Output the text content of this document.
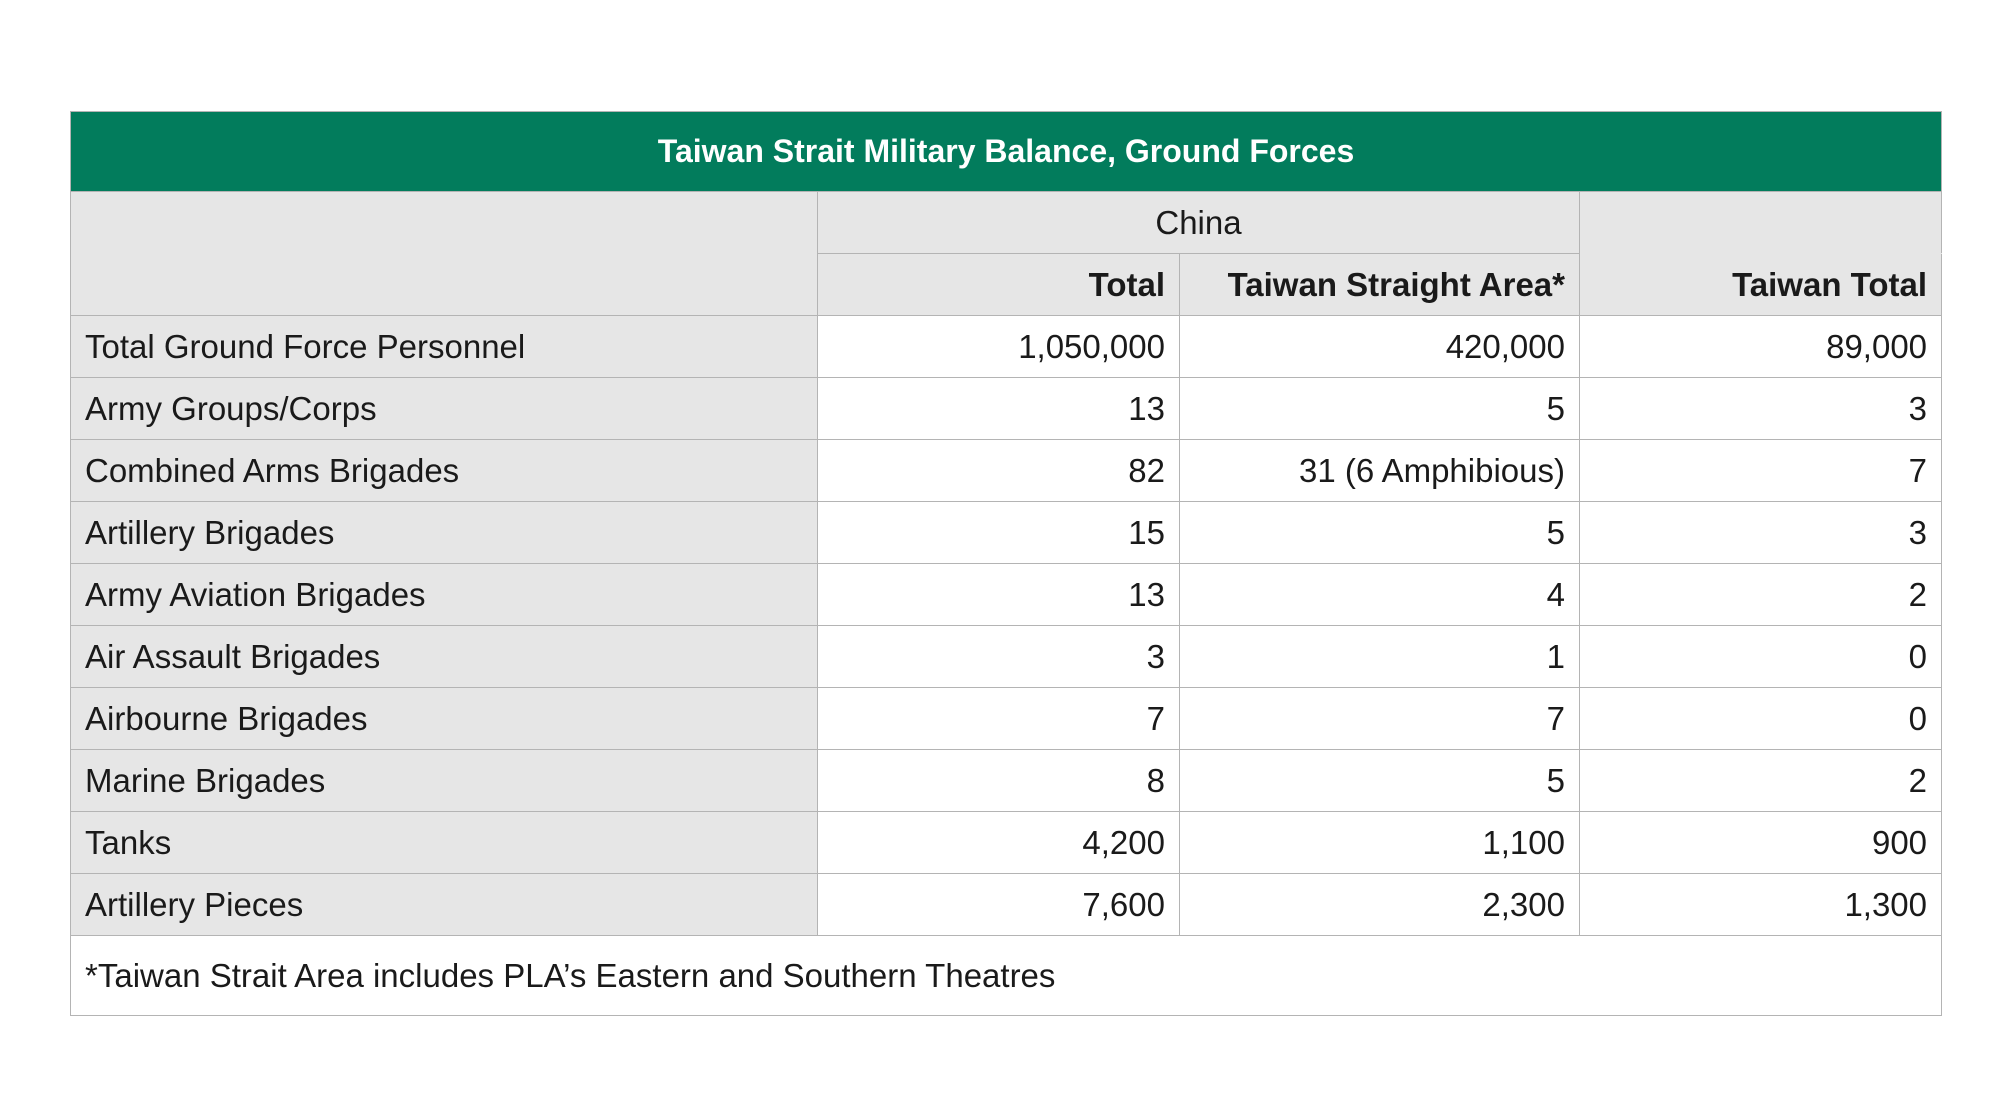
Taiwan Strait Military Balance, Ground Forces			
	China		
	Total	Taiwan Straight Area*	Taiwan Total
Total Ground Force Personnel	1,050,000	420,000	89,000
Army Groups/Corps	13	5	3
Combined Arms Brigades	82	31 (6 Amphibious)	7
Artillery Brigades	15	5	3
Army Aviation Brigades	13	4	2
Air Assault Brigades	3	1	0
Airbourne Brigades	7	7	0
Marine Brigades	8	5	2
Tanks	4,200	1,100	900
Artillery Pieces	7,600	2,300	1,300
*Taiwan Strait Area includes PLA’s Eastern and Southern Theatres			
